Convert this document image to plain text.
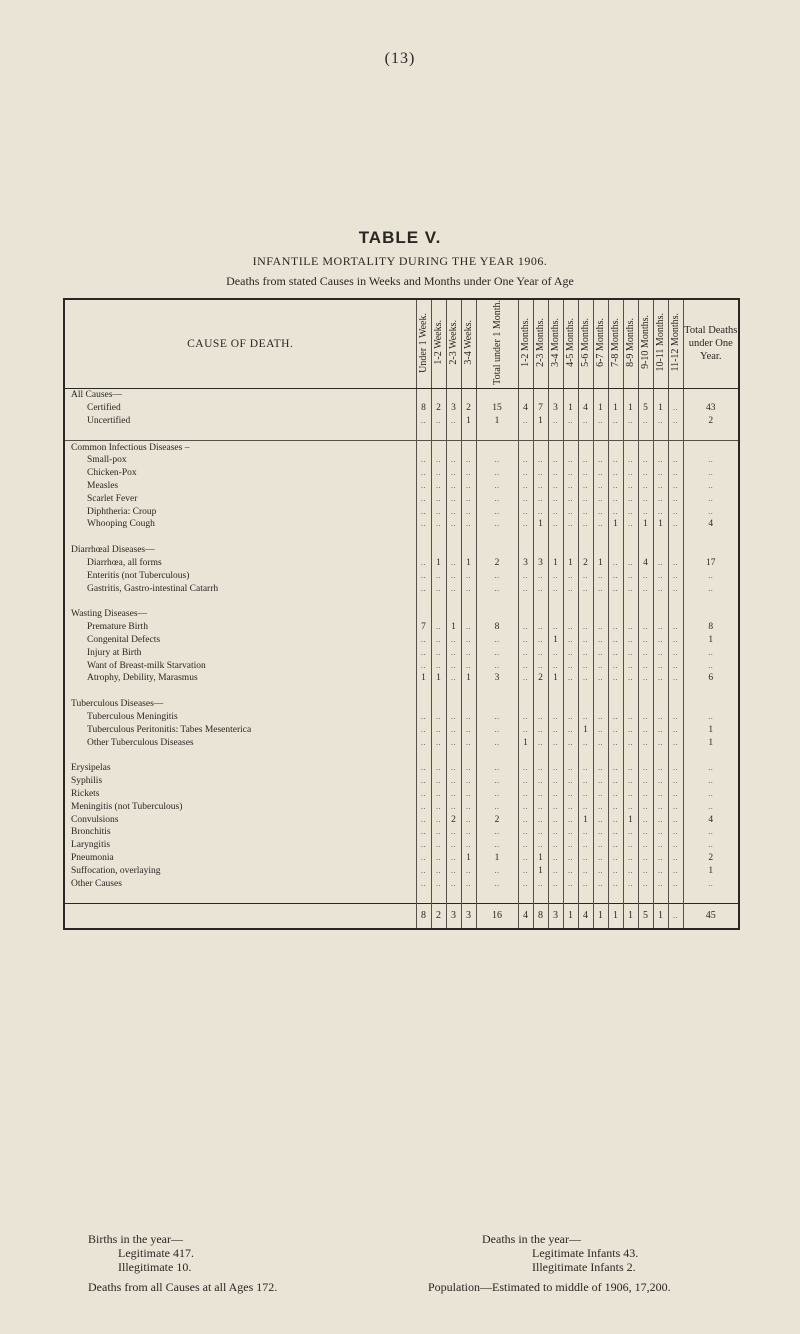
(13)
TABLE V.
INFANTILE MORTALITY DURING THE YEAR 1906.
Deaths from stated Causes in Weeks and Months under One Year of Age
CAUSE OF DEATH.	Under 1 Week.	1-2 Weeks.	2-3 Weeks.	3-4 Weeks.	Total under 1 Month.	1-2 Months.	2-3 Months.	3-4 Months.	4-5 Months.	5-6 Months.	6-7 Months.	7-8 Months.	8-9 Months.	9-10 Months.	10-11 Months.	11-12 Months.	Total Deaths under One Year.
All Causes—																	
Certified	8	2	3	2	15	4	7	3	1	4	1	1	1	5	1	..	43
Uncertified	..	..	..	1	1	..	1	..	..	..	..	..	..	..	..	..	2

Common Infectious Diseases –																	
Small-pox	..	..	..	..	..	..	..	..	..	..	..	..	..	..	..	..	..
Chicken-Pox	..	..	..	..	..	..	..	..	..	..	..	..	..	..	..	..	..
Measles	..	..	..	..	..	..	..	..	..	..	..	..	..	..	..	..	..
Scarlet Fever	..	..	..	..	..	..	..	..	..	..	..	..	..	..	..	..	..
Diphtheria: Croup	..	..	..	..	..	..	..	..	..	..	..	..	..	..	..	..	..
Whooping Cough	..	..	..	..	..	..	1	..	..	..	..	1	..	1	1	..	4

Diarrhœal Diseases—																	
Diarrhœa, all forms	..	1	..	1	2	3	3	1	1	2	1	..	..	4	..	..	17
Enteritis (not Tuberculous)	..	..	..	..	..	..	..	..	..	..	..	..	..	..	..	..	..
Gastritis, Gastro-intestinal Catarrh	..	..	..	..	..	..	..	..	..	..	..	..	..	..	..	..	..

Wasting Diseases—																	
Premature Birth	7	..	1	..	8	..	..	..	..	..	..	..	..	..	..	..	8
Congenital Defects	..	..	..	..	..	..	..	1	..	..	..	..	..	..	..	..	1
Injury at Birth	..	..	..	..	..	..	..	..	..	..	..	..	..	..	..	..	..
Want of Breast-milk Starvation	..	..	..	..	..	..	..	..	..	..	..	..	..	..	..	..	..
Atrophy, Debility, Marasmus	1	1	..	1	3	..	2	1	..	..	..	..	..	..	..	..	6

Tuberculous Diseases—																	
Tuberculous Meningitis	..	..	..	..	..	..	..	..	..	..	..	..	..	..	..	..	..
Tuberculous Peritonitis: Tabes Mesenterica	..	..	..	..	..	..	..	..	..	1	..	..	..	..	..	..	1
Other Tuberculous Diseases	..	..	..	..	..	1	..	..	..	..	..	..	..	..	..	..	1

Erysipelas	..	..	..	..	..	..	..	..	..	..	..	..	..	..	..	..	..
Syphilis	..	..	..	..	..	..	..	..	..	..	..	..	..	..	..	..	..
Rickets	..	..	..	..	..	..	..	..	..	..	..	..	..	..	..	..	..
Meningitis (not Tuberculous)	..	..	..	..	..	..	..	..	..	..	..	..	..	..	..	..	..
Convulsions	..	..	2	..	2	..	..	..	..	1	..	..	1	..	..	..	4
Bronchitis	..	..	..	..	..	..	..	..	..	..	..	..	..	..	..	..	..
Laryngitis	..	..	..	..	..	..	..	..	..	..	..	..	..	..	..	..	..
Pneumonia	..	..	..	1	1	..	1	..	..	..	..	..	..	..	..	..	2
Suffocation, overlaying	..	..	..	..	..	..	1	..	..	..	..	..	..	..	..	..	1
Other Causes	..	..	..	..	..	..	..	..	..	..	..	..	..	..	..	..	..

	8	2	3	3	16	4	8	3	1	4	1	1	1	5	1	..	45
Births in the year—
Legitimate 417.
Illegitimate 10.
Deaths from all Causes at all Ages 172.
Deaths in the year—
Legitimate Infants 43.
Illegitimate Infants 2.
Population—Estimated to middle of 1906, 17,200.
